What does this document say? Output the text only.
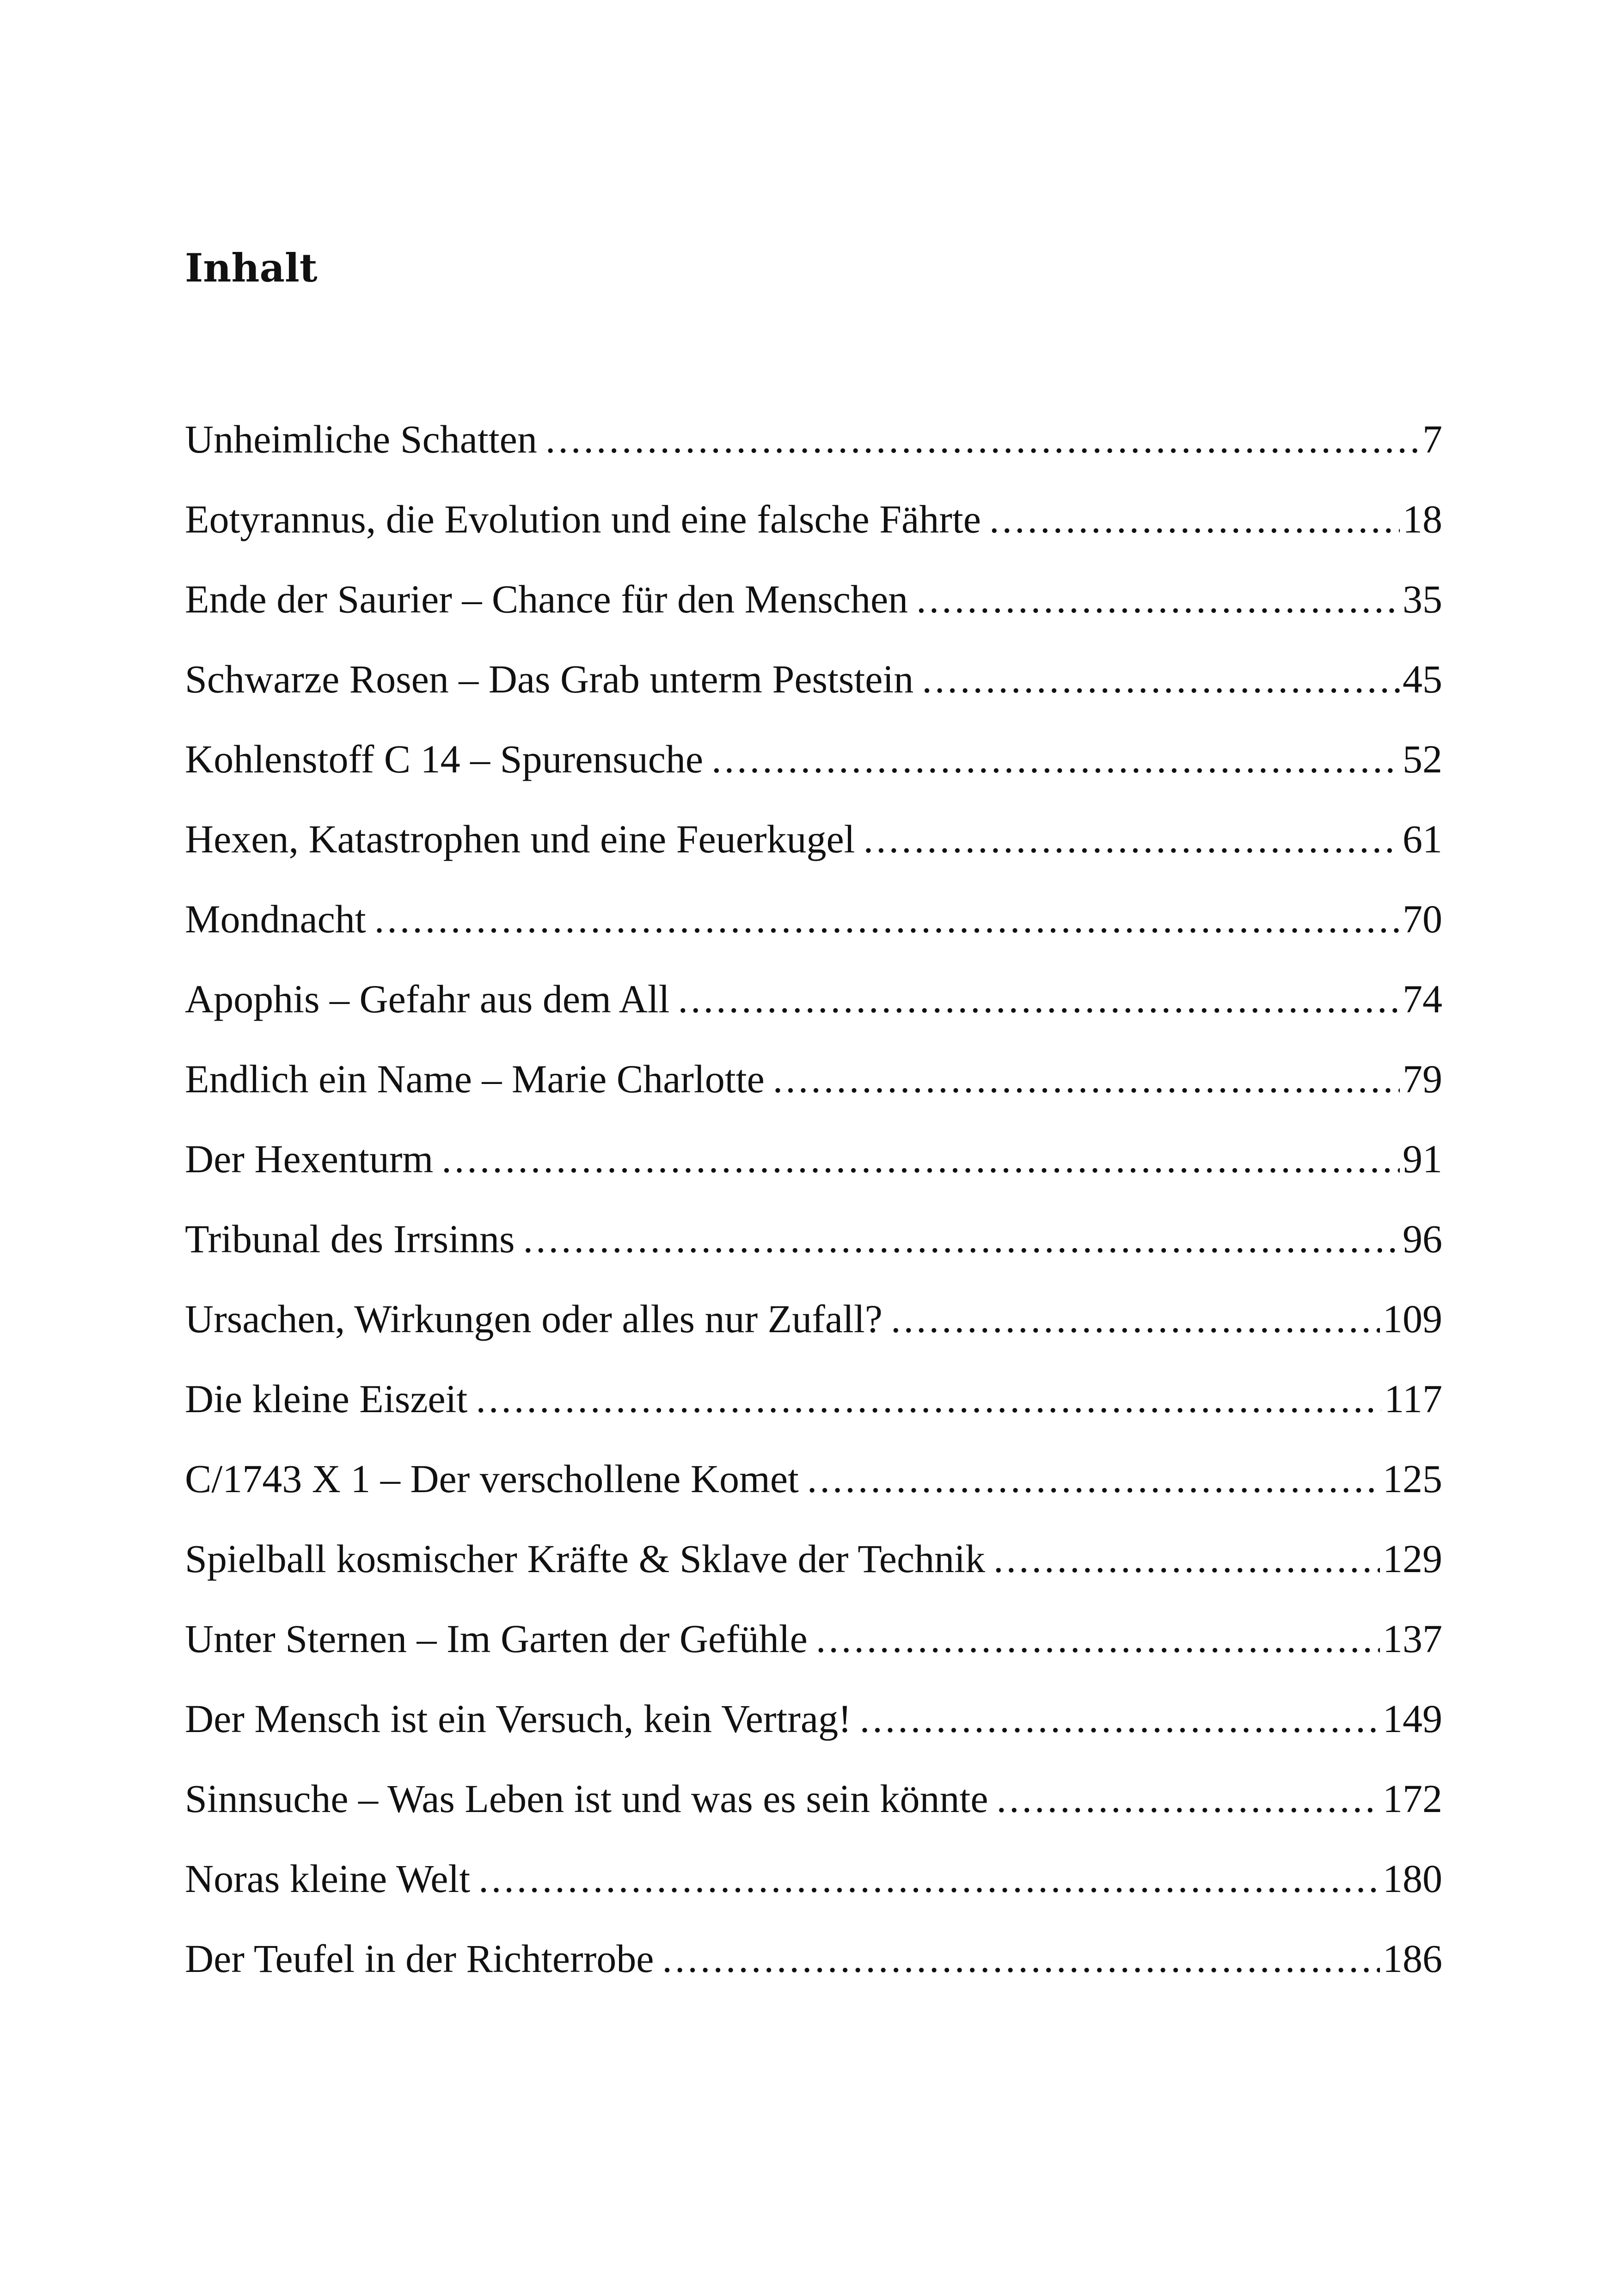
Inhalt
Unheimliche Schatten .....	7
Eotyrannus, die Evolution und eine falsche Fährte .....	18
Ende der Saurier – Chance für den Menschen .....	35
Schwarze Rosen – Das Grab unterm Peststein .....	45
Kohlenstoff C 14 – Spurensuche .....	52
Hexen, Katastrophen und eine Feuerkugel .....	61
Mondnacht .....	70
Apophis – Gefahr aus dem All .....	74
Endlich ein Name – Marie Charlotte .....	79
Der Hexenturm .....	91
Tribunal des Irrsinns .....	96
Ursachen, Wirkungen oder alles nur Zufall? .....	109
Die kleine Eiszeit .....	117
C/1743 X 1 – Der verschollene Komet .....	125
Spielball kosmischer Kräfte & Sklave der Technik .....	129
Unter Sternen – Im Garten der Gefühle .....	137
Der Mensch ist ein Versuch, kein Vertrag! .....	149
Sinnsuche – Was Leben ist und was es sein könnte .....	172
Noras kleine Welt .....	180
Der Teufel in der Richterrobe .....	186
